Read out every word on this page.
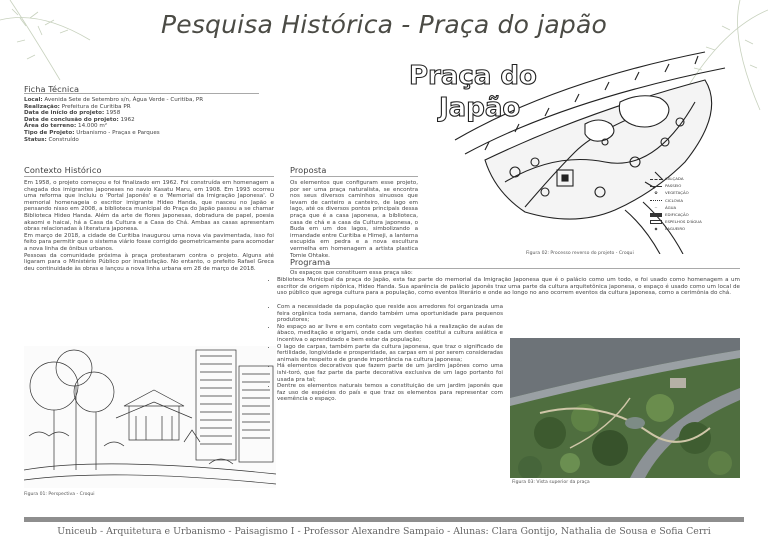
Pesquisa Histórica - Praça do japão
Ficha Técnica
Local: Avenida Sete de Setembro s/n, Água Verde - Curitiba, PR
Realização: Prefeitura de Curitiba PR
Data de início do projeto: 1958
Data de conclusão do projeto: 1962
Área do terreno: 14.000 m²
Tipo de Projeto: Urbanismo - Praças e Parques
Status: Construído
Contexto Histórico
Em 1958, o projeto começou e foi finalizado em 1962. Foi construída em homenagem a chegada dos imigrantes japoneses no navio Kasatu Maru, em 1908. Em 1993 ocorreu uma reforma que incluiu o 'Portal Japonês' e o 'Memorial da Imigração Japonesa'. O memorial homenageia o escritor imigrante Hideo Handa, que nasceu no Japão e pensando nisso em 2008, a biblioteca municipal do Praça do Japão passou a se chamar Biblioteca Hideo Handa. Além da arte de flores japonesas, dobradura de papel, poesia akaomi e haicai, há a Casa da Cultura e a Casa do Chá. Ambas as casas apresentam obras relacionadas à literatura japonesa.
Em março de 2018, a cidade de Curitiba inaugurou uma nova via pavimentada, isso foi feito para permitir que o sistema viário fosse corrigido geometricamente para acomodar a nova linha de ônibus urbanos.
Pessoas da comunidade próxima à praça protestaram contra o projeto. Alguns até ligaram para o Ministério Público por insatisfação. No entanto, o prefeito Rafael Greca deu continuidade às obras e lançou a nova linha urbana em 28 de março de 2018.
Figura 01: Perspectiva - Croqui
Proposta
Os elementos que configuram esse projeto, por ser uma praça naturalista, se encontra nos seus diversos caminhos sinuosos que levam de canteiro a canteiro, de lago em lago, até os diversos pontos principais dessa praça que é a casa japonesa, a biblioteca, casa de chá e a casa da Cultura japonesa, o Buda em um dos lagos, simbolizando a irmandade entre Curitiba e Himeji, a lanterna escupida em pedra e a nova escultura vermelha em homenagem a artista plastica Tomie Ohtake.
Praça do
Japão
CALÇADA
PASSEIO
✿ VEGETAÇÃO
CICLOVIA
~ ÁGUA
EDIFICAÇÃO
ESPELHOS D'ÁGUA
◆ LAGUEIRO
Figura 02: Processo reverso do projeto - Croqui
Programa
Os espaços que constituem essa praça são:
• Biblioteca Municipal da praça do Japão, esta faz parte do memorial da Imigração Japonesa que é o palácio como um todo, e foi usado como homenagem a um escritor de origem nipônica, Hideo Handa. Sua aparência de palácio japonês traz uma parte da cultura arquitetônica japonesa, o espaço é usado como um local de uso público que agrega cultura para a população, como eventos literário e onde ao longo no ano ocorrem eventos da cultura japonesa, como a cerimônia do chá.
• Com a necessidade da população que reside aos arredores foi organizada uma feira orgânica toda semana, dando também uma oportunidade para pequenos produtores;
• No espaço ao ar livre e em contato com vegetação há a realização de aulas de ábaco, meditação e origami, onde cada um destes costitui a cultura asiática e incentiva o aprendizado e bem estar da população;
• O lago de carpas, também parte da cultura japonesa, que traz o significado de fertilidade, longividade e prosperidade, as carpas em si por serem consideradas animais de respeito e de grande importância na cultura japonesa;
• Há elementos decorativos que fazem parte de um jardim japônes como uma ishi-toró, que faz parte da parte decorativa exclusiva de um lago portanto foi usada pra tal;
• Dentre os elementos naturais temos a constituição de um jardim japonês que faz uso de espécies do país e que traz os elementos para representar com veemência o espaço.
Figura 03: Vista superior da praça
Uniceub - Arquitetura e Urbanismo - Paisagismo I - Professor Alexandre Sampaio - Alunas: Clara Gontijo, Nathalia de Sousa e Sofia Cerri
